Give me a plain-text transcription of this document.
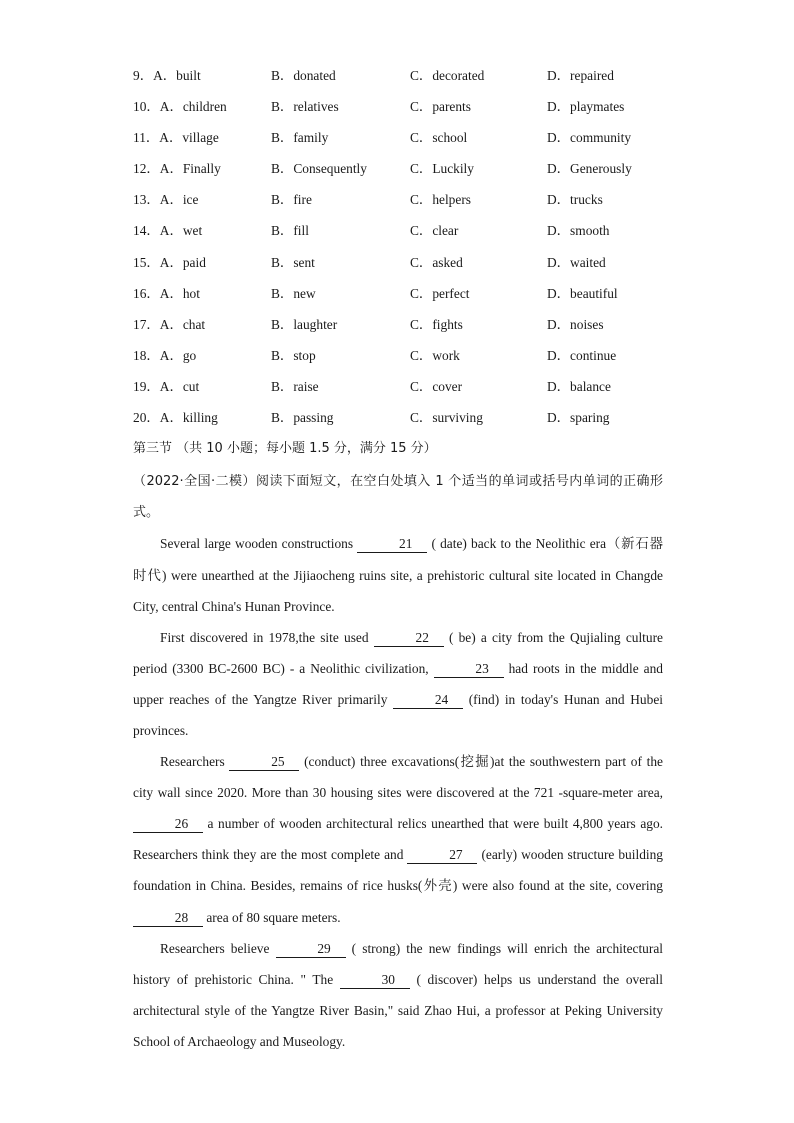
9．A．built	B．donated	C．decorated	D．repaired
10．A．children	B．relatives	C．parents	D．playmates
11．A．village	B．family	C．school	D．community
12．A．Finally	B．Consequently	C．Luckily	D．Generously
13．A．ice	B．fire	C．helpers	D．trucks
14．A．wet	B．fill	C．clear	D．smooth
15．A．paid	B．sent	C．asked	D．waited
16．A．hot	B．new	C．perfect	D．beautiful
17．A．chat	B．laughter	C．fights	D．noises
18．A．go	B．stop	C．work	D．continue
19．A．cut	B．raise	C．cover	D．balance
20．A．killing	B．passing	C．surviving	D．sparing
第三节 （共 10 小题；每小题 1.5 分，满分 15 分）
（2022·全国·二模）阅读下面短文，在空白处填入 1 个适当的单词或括号内单词的正确形式。

Several large wooden constructions	21 ( date) back to the Neolithic era（新石器时代) were unearthed at the Jijiaocheng ruins site, a prehistoric cultural site located in Changde City, central China's Hunan Province.

First discovered in 1978,the site used	22 ( be) a city from the Qujialing culture period (3300 BC-2600 BC) - a Neolithic civilization,	23 had roots in the middle and upper reaches of the Yangtze River primarily	24 (find) in today's Hunan and Hubei provinces.

Researchers	25 (conduct) three excavations(挖掘)at the southwestern part of the city wall since 2020. More than 30 housing sites were discovered at the 721 -square-meter area, 26 a number of wooden architectural relics unearthed that were built 4,800 years ago. Researchers think they are the most complete and	27 (early) wooden structure building foundation in China. Besides, remains of rice husks(外壳) were also found at the site, covering 28 area of 80 square meters.

Researchers believe	29 ( strong) the new findings will enrich the architectural history of prehistoric China. " The	30 ( discover) helps us understand the overall architectural style of the Yangtze River Basin," said Zhao Hui, a professor at Peking University School of Archaeology and Museology.
